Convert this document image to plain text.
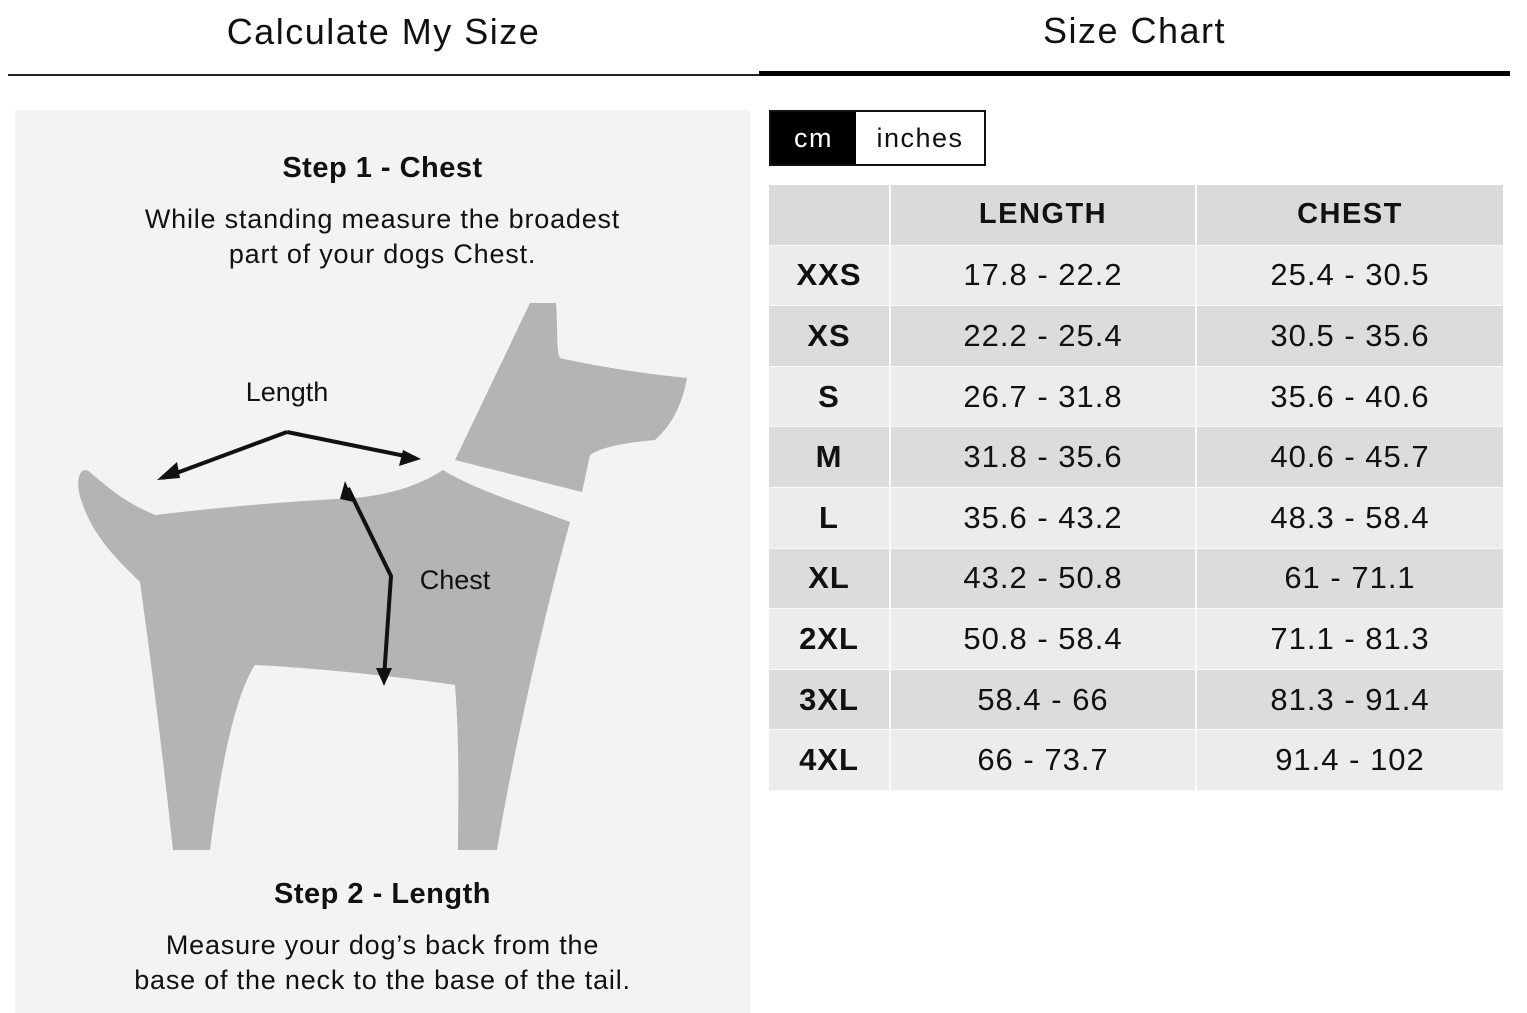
Calculate My Size	Size Chart
Step 1 - Chest
While standing measure the broadest
part of your dogs Chest.
Length
Chest
Step 2 - Length
Measure your dog’s back from the
base of the neck to the base of the tail.
cm	inches
	LENGTH	CHEST
XXS	17.8 - 22.2	25.4 - 30.5
XS	22.2 - 25.4	30.5 - 35.6
S	26.7 - 31.8	35.6 - 40.6
M	31.8 - 35.6	40.6 - 45.7
L	35.6 - 43.2	48.3 - 58.4
XL	43.2 - 50.8	61 - 71.1
2XL	50.8 - 58.4	71.1 - 81.3
3XL	58.4 - 66	81.3 - 91.4
4XL	66 - 73.7	91.4 - 102
